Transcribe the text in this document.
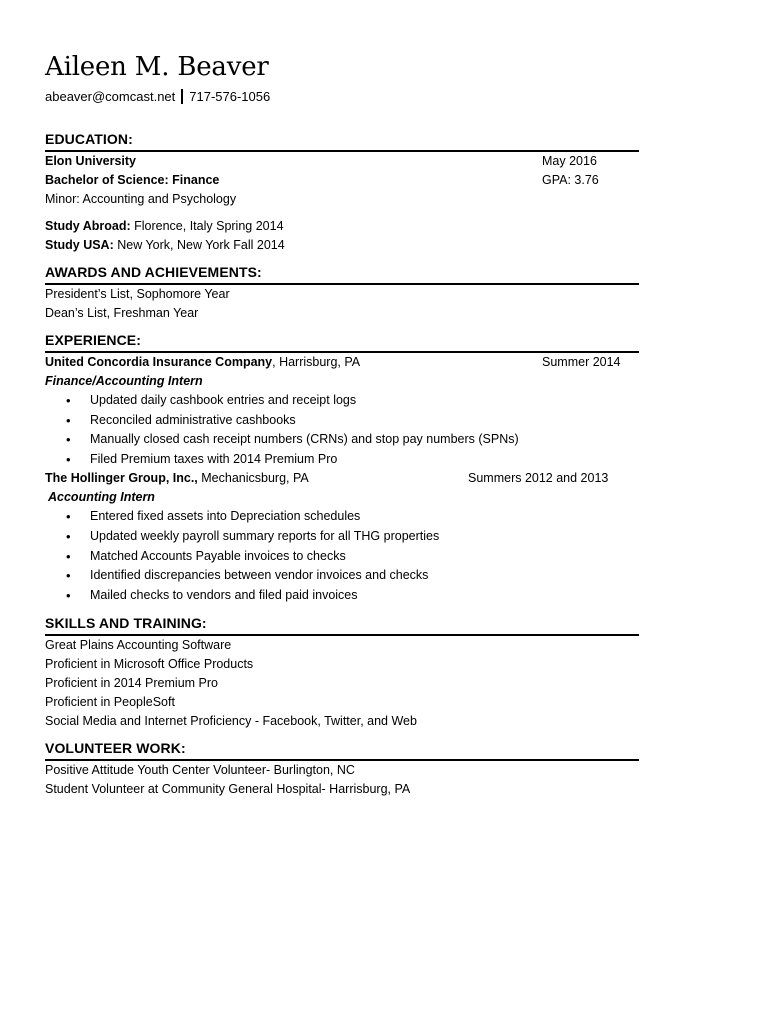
Aileen M. Beaver
abeaver@comcast.net 717-576-1056
EDUCATION:
Elon University	May 2016
Bachelor of Science: Finance	GPA: 3.76
Minor: Accounting and Psychology
Study Abroad: Florence, Italy Spring 2014
Study USA: New York, New York Fall 2014
AWARDS AND ACHIEVEMENTS:
President’s List, Sophomore Year
Dean’s List, Freshman Year
EXPERIENCE:
United Concordia Insurance Company, Harrisburg, PA	Summer 2014
Finance/Accounting Intern
• Updated daily cashbook entries and receipt logs
• Reconciled administrative cashbooks
• Manually closed cash receipt numbers (CRNs) and stop pay numbers (SPNs)
• Filed Premium taxes with 2014 Premium Pro
The Hollinger Group, Inc., Mechanicsburg, PA	Summers 2012 and 2013
Accounting Intern
• Entered fixed assets into Depreciation schedules
• Updated weekly payroll summary reports for all THG properties
• Matched Accounts Payable invoices to checks
• Identified discrepancies between vendor invoices and checks
• Mailed checks to vendors and filed paid invoices
SKILLS AND TRAINING:
Great Plains Accounting Software
Proficient in Microsoft Office Products
Proficient in 2014 Premium Pro
Proficient in PeopleSoft
Social Media and Internet Proficiency - Facebook, Twitter, and Web
VOLUNTEER WORK:
Positive Attitude Youth Center Volunteer- Burlington, NC
Student Volunteer at Community General Hospital- Harrisburg, PA
